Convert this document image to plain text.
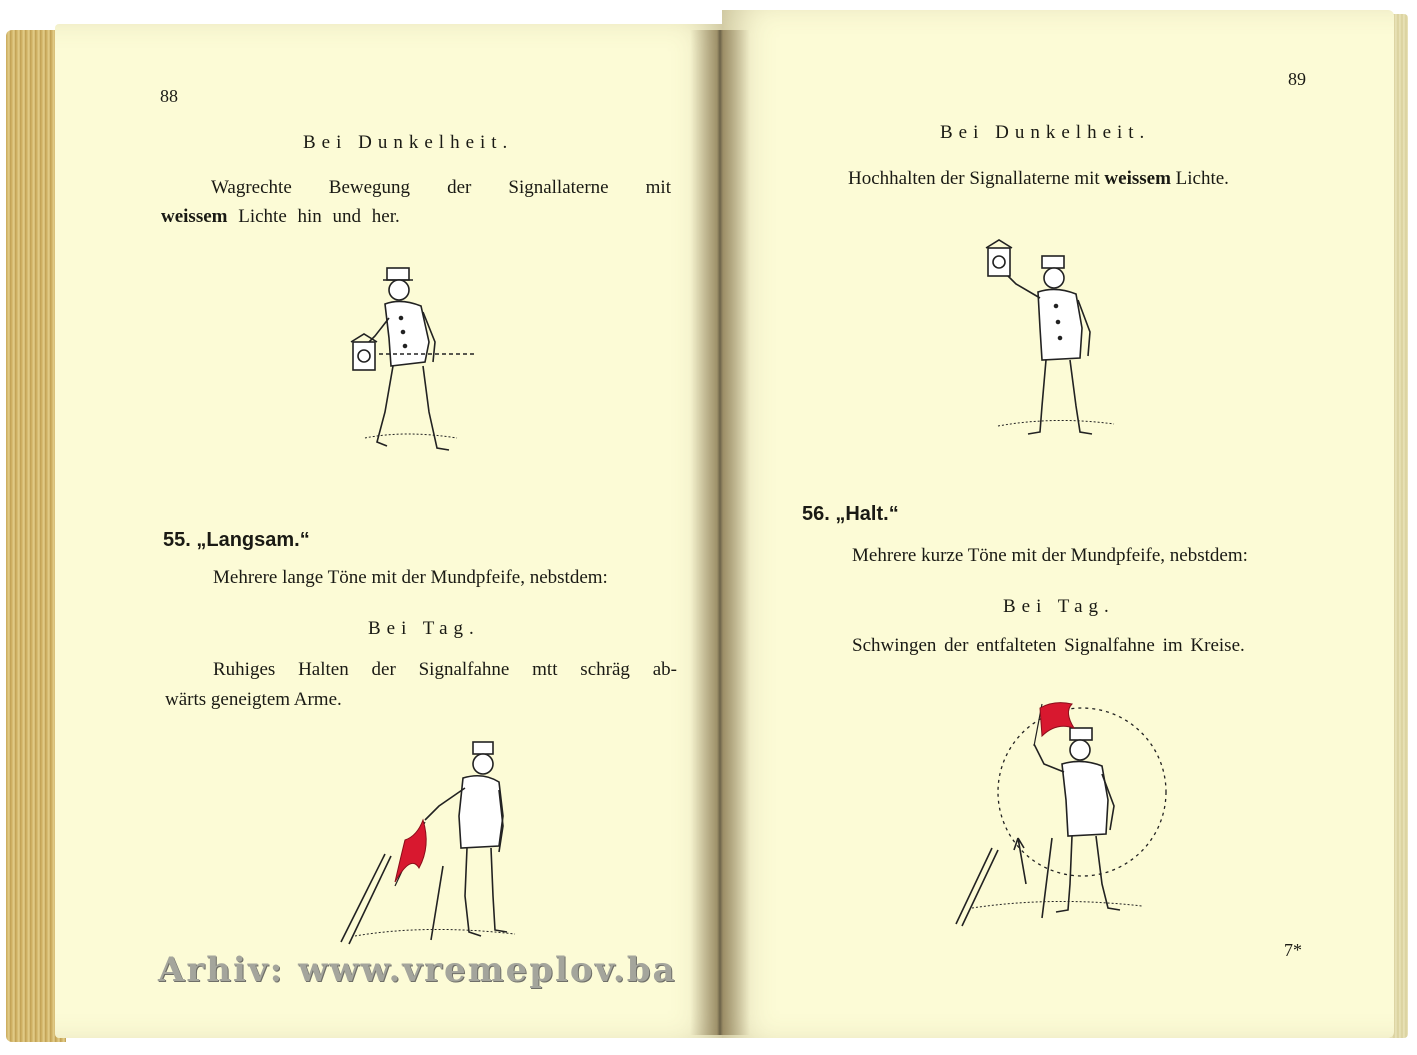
88
Bei Dunkelheit.
Wagrechte Bewegung der Signallaterne mit
weissem Lichte hin und her.
55. „Langsam.“
Mehrere lange Töne mit der Mundpfeife, nebstdem:
Bei Tag.
Ruhiges Halten der Signalfahne mtt schräg ab-
wärts geneigtem Arme.
89
Bei Dunkelheit.
Hochhalten der Signallaterne mit weissem Lichte.
56. „Halt.“
Mehrere kurze Töne mit der Mundpfeife, nebstdem:
Bei Tag.
Schwingen der entfalteten Signalfahne im Kreise.
7*
Arhiv: www.vremeplov.ba
